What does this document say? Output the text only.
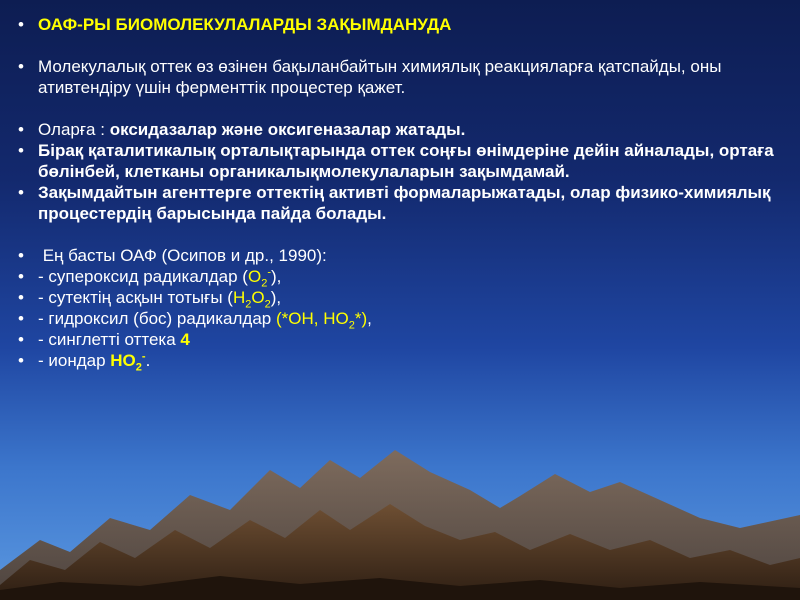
• ОАФ-РЫ БИОМОЛЕКУЛАЛАРДЫ ЗАҚЫМДАНУДА
• Молекулалық оттек өз өзінен бақыланбайтын химиялық реакцияларға қатспайды, оны ативтендіру үшін ферменттік процестер қажет.
• Оларға : оксидазалар және оксигеназалар жатады.
• Бірақ қаталитикалық орталықтарында оттек соңғы өнімдеріне дейін айналады, ортаға бөлінбей, клетканы органикалықмолекулаларын зақымдамай.
• Зақымдайтын агенттерге оттектің активті формаларыжатады, олар физико-химиялық процестердің барысында пайда болады.
• Ең басты ОАФ (Осипов и др., 1990):
• - супероксид радикалдар $(O_2^-)$,
• - сутектің асқын тотығы $(H_2O_2)$,
• - гидроксил (бос) радикалдар (*OH, $HO_2*$),
• - синглетті оттека 4
• - иондар $HO_2^-$.
